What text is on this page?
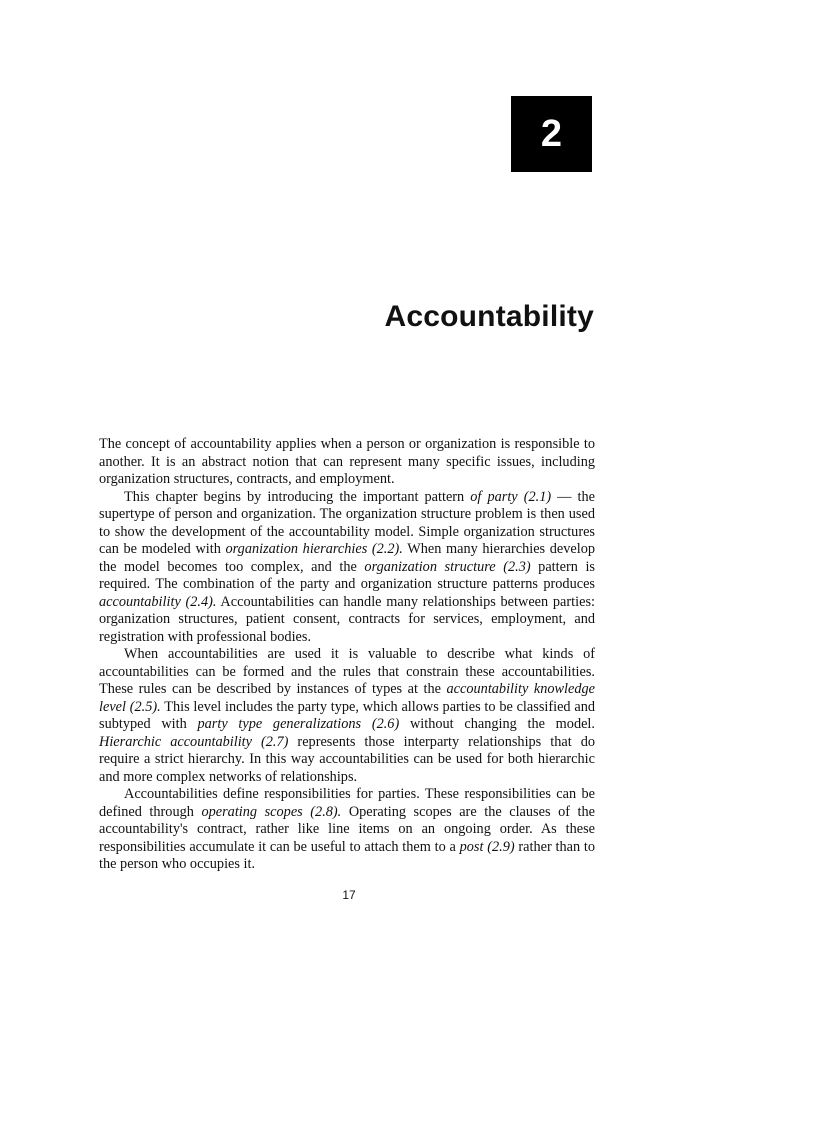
2
Accountability

The concept of accountability applies when a person or organization is responsible to another. It is an abstract notion that can represent many specific issues, including organization structures, contracts, and employment.

This chapter begins by introducing the important pattern of party (2.1) — the supertype of person and organization. The organization structure problem is then used to show the development of the accountability model. Simple organization structures can be modeled with organization hierarchies (2.2). When many hierarchies develop the model becomes too complex, and the organization structure (2.3) pattern is required. The combination of the party and organization structure patterns produces accountability (2.4). Accountabilities can handle many relationships between parties: organization structures, patient consent, contracts for services, employment, and registration with professional bodies.

When accountabilities are used it is valuable to describe what kinds of accountabilities can be formed and the rules that constrain these accountabilities. These rules can be described by instances of types at the accountability knowledge level (2.5). This level includes the party type, which allows parties to be classified and subtyped with party type generalizations (2.6) without changing the model. Hierarchic accountability (2.7) represents those interparty relationships that do require a strict hierarchy. In this way accountabilities can be used for both hierarchic and more complex networks of relationships.

Accountabilities define responsibilities for parties. These responsibilities can be defined through operating scopes (2.8). Operating scopes are the clauses of the accountability's contract, rather like line items on an ongoing order. As these responsibilities accumulate it can be useful to attach them to a post (2.9) rather than to the person who occupies it.

17
